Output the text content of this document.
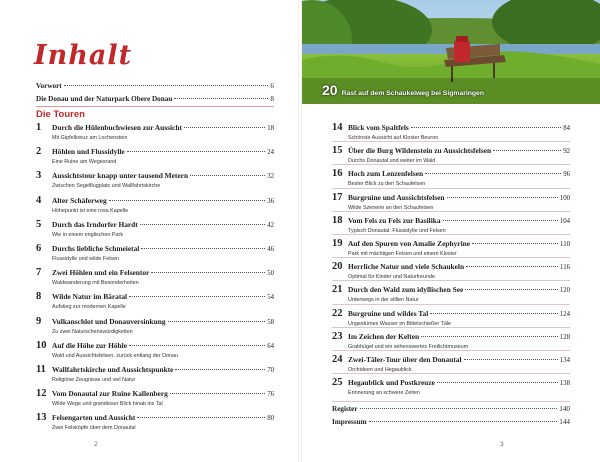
Inhalt
Vorwort	6
Die Donau und der Naturpark Obere Donau	8
Die Touren
1	Durch die Hülenbuchwiesen zur Aussicht	18
Mit Gipfelkreuz am Lochenstein
2	Höhlen und Flussidylle	24
Eine Ruine am Wegesrand
3	Aussichtstour knapp unter tausend Metern	32
Zwischen Segelflugplatz und Wallfahrtskirche
4	Alter Schäferweg	36
Höhepunkt ist eine rosa Kapelle
5	Durch das Irndorfer Hardt	42
Wie in einem englischen Park
6	Durchs liebliche Schmeietal	46
Flussidylle und wilde Felsen
7	Zwei Höhlen und ein Felsentor	50
Waldwanderung mit Besonderheiten
8	Wilde Natur im Bäratal	54
Aufstieg zur modernen Kapelle
9	Vulkanschlot und Donauversinkung	58
Zu zwei Naturschenswürdigkeiten
10 Auf die Höhe zur Höhle	64
Wald und Aussichtsfelsen, zurück entlang der Donau
11 Wallfahrtskirche und Aussichtspunkte	70
Religiöse Zeugnisse und viel Natur
12 Vom Donautal zur Ruine Kallenberg	76
Wilde Wege und grandioser Blick hinab ins Tal
13 Felsengarten und Aussicht	80
Zwei Felsköpfe über dem Donautal
2
20 Rast auf dem Schaukelweg bei Sigmaringen
14 Blick vom Spaltfels	84
Schönste Aussicht auf Kloster Beuron
15 Über die Burg Wildenstein zu Aussichtsfelsen	92
Durchs Donautal und weiter im Wald
16 Hoch zum Lenzenfelsen	96
Bester Blick zu den Schaufelsen
17 Burgruine und Aussichtsfelsen	100
Wilde Szenerie an den Schaufelsen
18 Vom Fels zu Fels zur Basilika	104
Typisch Donautal: Flussidylle und Felsen
19 Auf den Spuren von Amalie Zephyrine	110
Park mit mächtigen Felsen und einem Kloster
20 Herrliche Natur und viele Schaukeln	116
Optimal für Kinder und Naturfreunde
21 Durch den Wald zum idyllischen See	120
Unterwegs in der stillen Natur
22 Burgruine und wildes Tal	124
Ungestümes Wasser im Bittelschießer Täle
23 Im Zeichen der Kelten	128
Grabhügel und ein sehenswertes Freilichtmuseum
24 Zwei-Täler-Tour über den Donautal	134
Orchideen und Hegaublick
25 Hegaublick und Postkreuze	138
Erinnerung an schwere Zeiten
Register	140
Impressum	144
3
